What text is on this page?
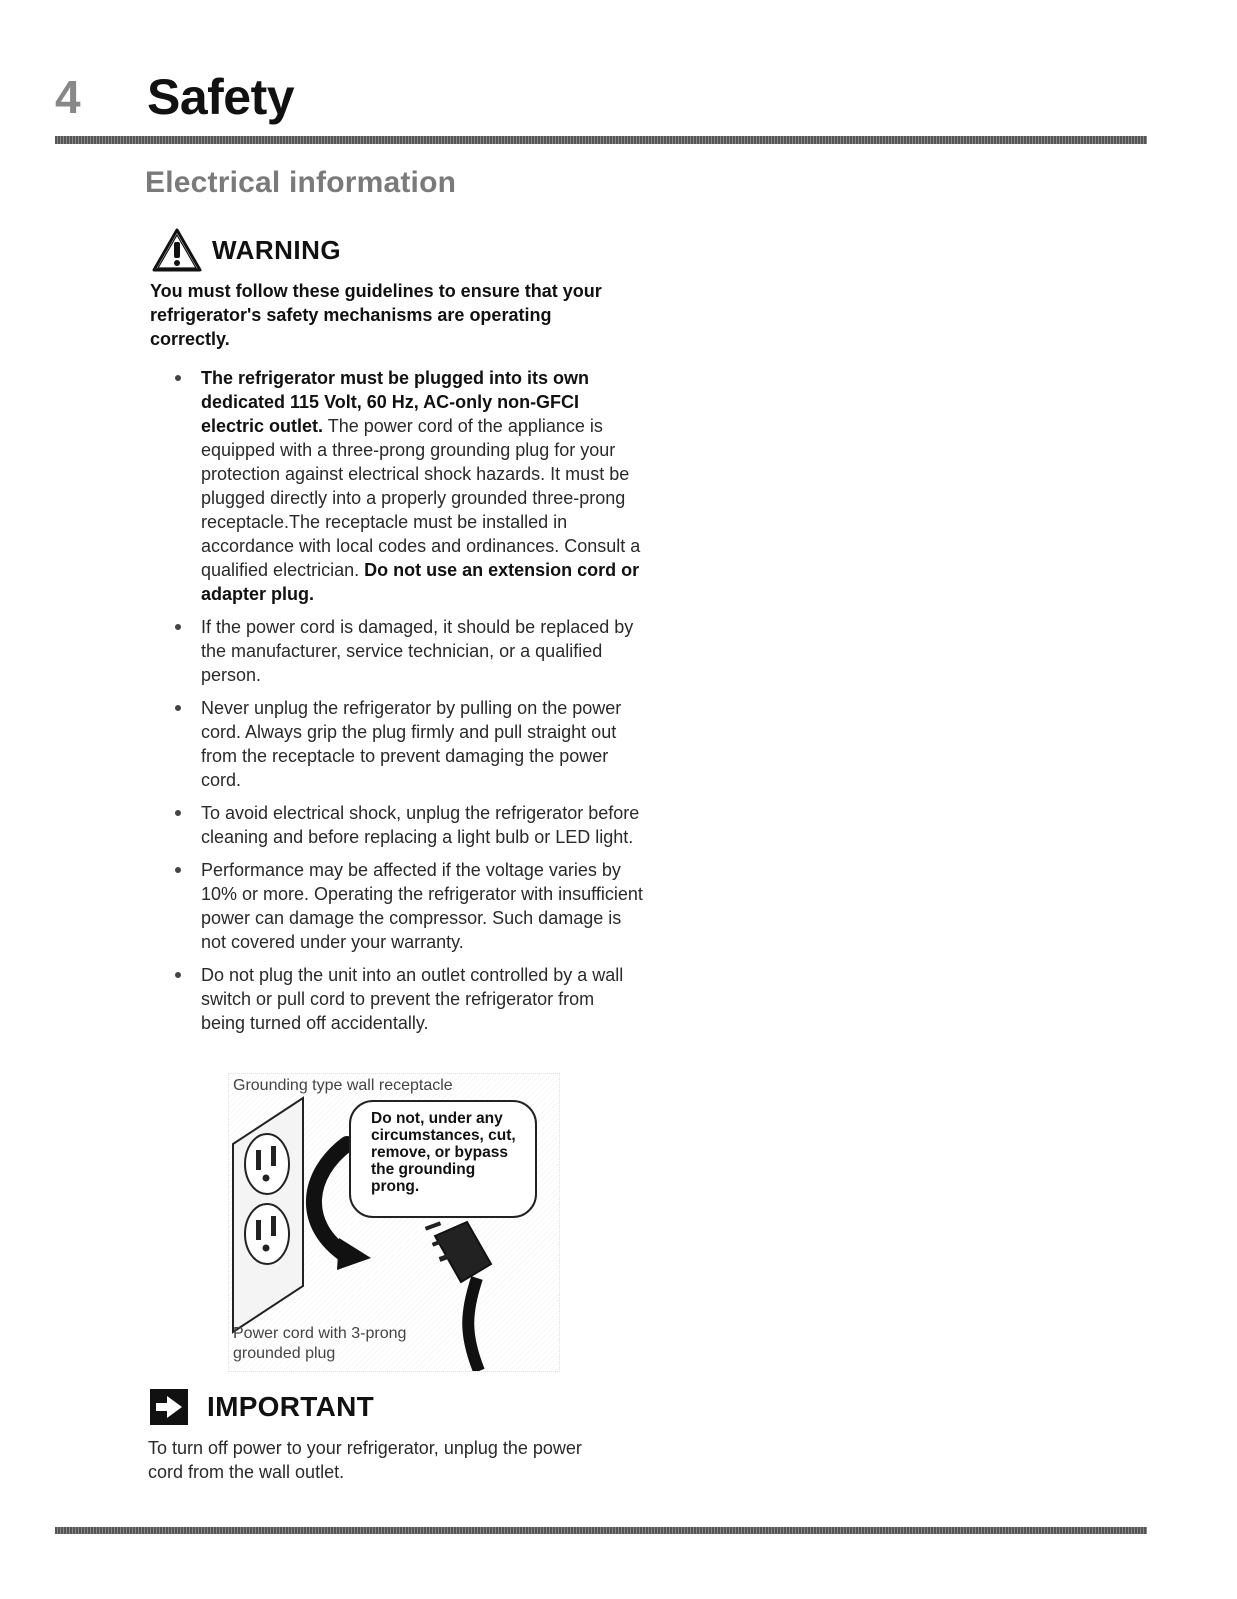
4	Safety
Electrical information
WARNING
You must follow these guidelines to ensure that your refrigerator's safety mechanisms are operating correctly.
The refrigerator must be plugged into its own dedicated 115 Volt, 60 Hz, AC-only non-GFCI electric outlet. The power cord of the appliance is equipped with a three-prong grounding plug for your protection against electrical shock hazards. It must be plugged directly into a properly grounded three-prong receptacle.The receptacle must be installed in accordance with local codes and ordinances. Consult a qualified electrician. Do not use an extension cord or adapter plug.
If the power cord is damaged, it should be replaced by the manufacturer, service technician, or a qualified person.
Never unplug the refrigerator by pulling on the power cord. Always grip the plug firmly and pull straight out from the receptacle to prevent damaging the power cord.
To avoid electrical shock, unplug the refrigerator before cleaning and before replacing a light bulb or LED light.
Performance may be affected if the voltage varies by 10% or more. Operating the refrigerator with insufficient power can damage the compressor. Such damage is not covered under your warranty.
Do not plug the unit into an outlet controlled by a wall switch or pull cord to prevent the refrigerator from being turned off accidentally.
Grounding type wall receptacle
Do not, under any circumstances, cut, remove, or bypass the grounding prong.
Power cord with 3-prong grounded plug
IMPORTANT
To turn off power to your refrigerator, unplug the power cord from the wall outlet.
